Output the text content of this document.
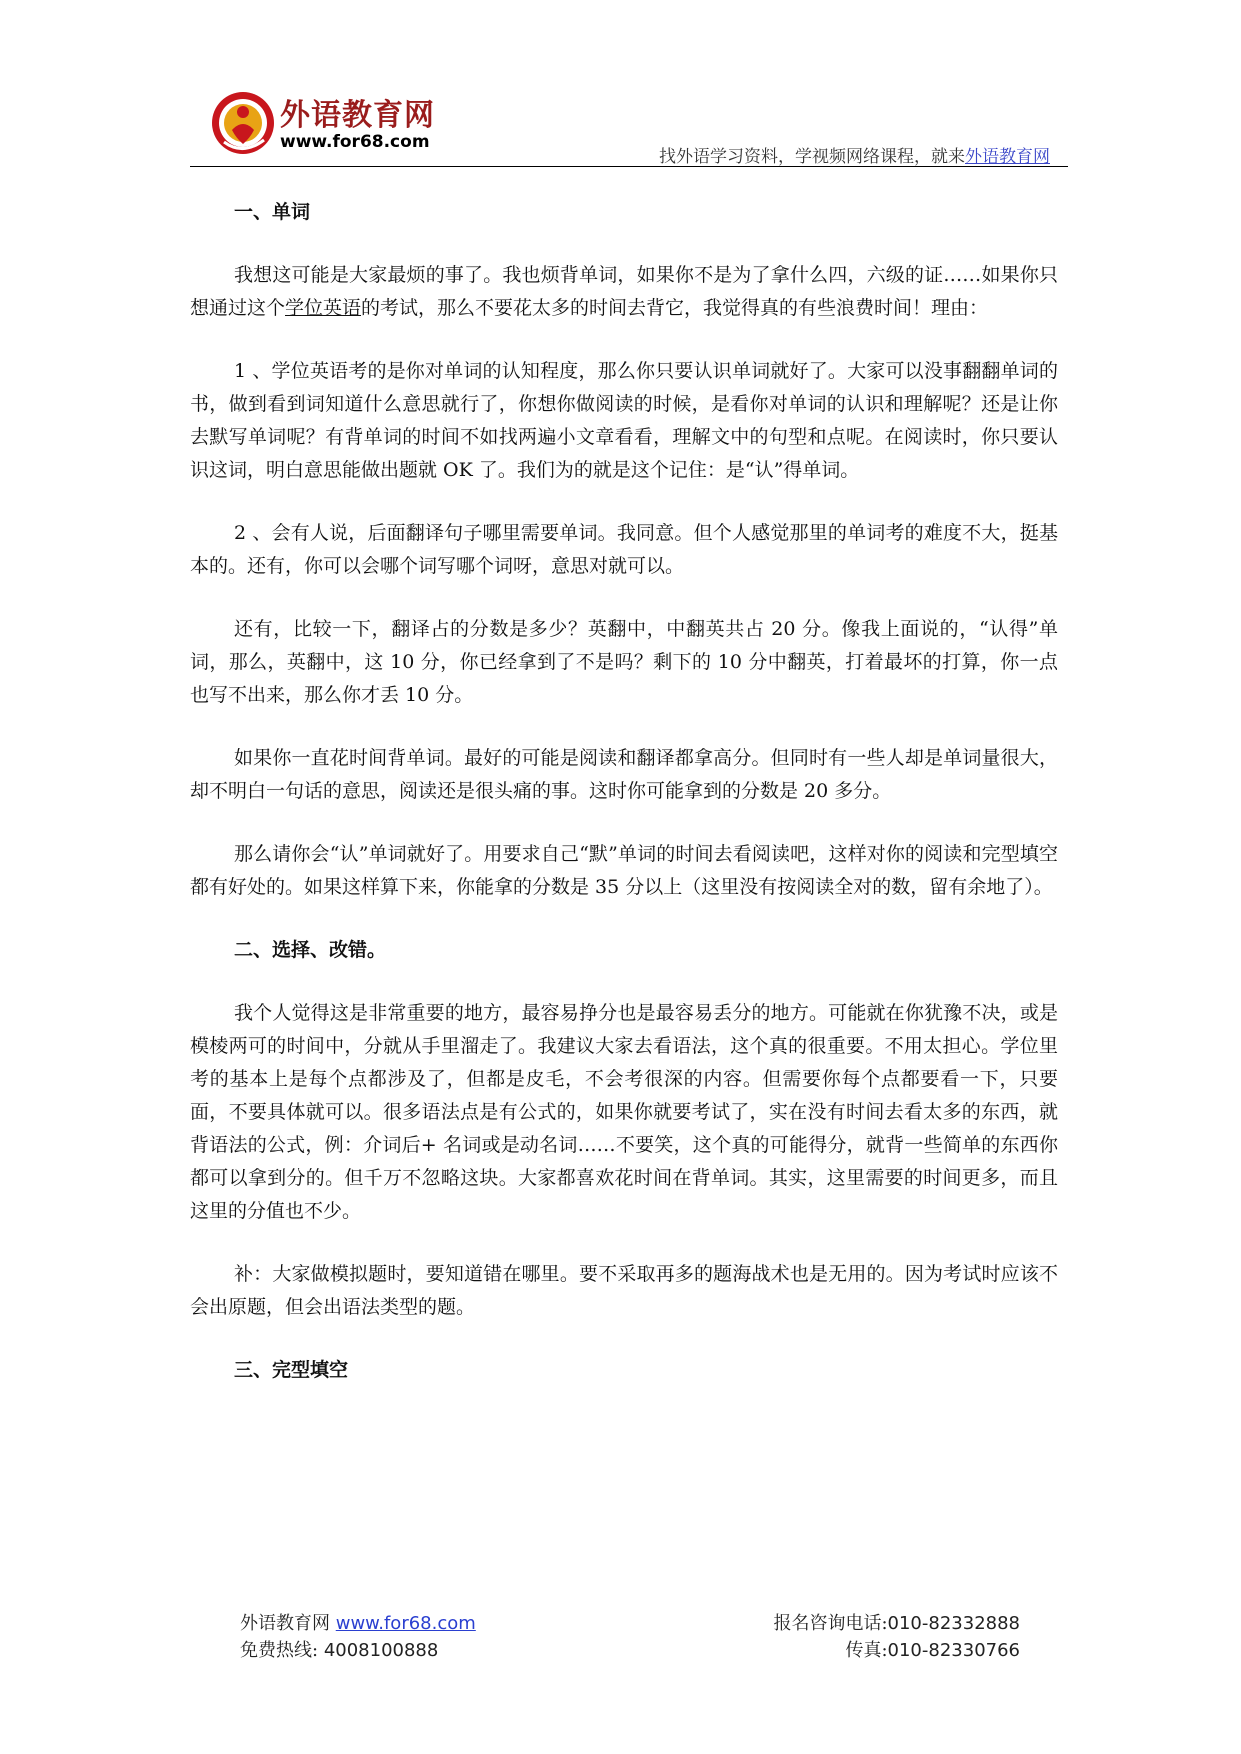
外语教育网
www.for68.com
找外语学习资料，学视频网络课程，就来外语教育网

一、单词

我想这可能是大家最烦的事了。我也烦背单词，如果你不是为了拿什么四，六级的证……如果你只想通过这个学位英语的考试，那么不要花太多的时间去背它，我觉得真的有些浪费时间！理由：

1 、学位英语考的是你对单词的认知程度，那么你只要认识单词就好了。大家可以没事翻翻单词的书，做到看到词知道什么意思就行了，你想你做阅读的时候，是看你对单词的认识和理解呢？还是让你去默写单词呢？有背单词的时间不如找两遍小文章看看，理解文中的句型和点呢。在阅读时，你只要认识这词，明白意思能做出题就 OK 了。我们为的就是这个记住：是“认”得单词。

2 、会有人说，后面翻译句子哪里需要单词。我同意。但个人感觉那里的单词考的难度不大，挺基本的。还有，你可以会哪个词写哪个词呀，意思对就可以。

还有，比较一下，翻译占的分数是多少？英翻中，中翻英共占 20 分。像我上面说的，“认得”单词，那么，英翻中，这 10 分，你已经拿到了不是吗？剩下的 10 分中翻英，打着最坏的打算，你一点也写不出来，那么你才丢 10 分。

如果你一直花时间背单词。最好的可能是阅读和翻译都拿高分。但同时有一些人却是单词量很大，却不明白一句话的意思，阅读还是很头痛的事。这时你可能拿到的分数是 20 多分。

那么请你会“认”单词就好了。用要求自己“默”单词的时间去看阅读吧，这样对你的阅读和完型填空都有好处的。如果这样算下来，你能拿的分数是 35 分以上（这里没有按阅读全对的数，留有余地了）。

二、选择、改错。

我个人觉得这是非常重要的地方，最容易挣分也是最容易丢分的地方。可能就在你犹豫不决，或是模棱两可的时间中，分就从手里溜走了。我建议大家去看语法，这个真的很重要。不用太担心。学位里考的基本上是每个点都涉及了，但都是皮毛，不会考很深的内容。但需要你每个点都要看一下，只要面，不要具体就可以。很多语法点是有公式的，如果你就要考试了，实在没有时间去看太多的东西，就背语法的公式，例：介词后+ 名词或是动名词……不要笑，这个真的可能得分，就背一些简单的东西你都可以拿到分的。但千万不忽略这块。大家都喜欢花时间在背单词。其实，这里需要的时间更多，而且这里的分值也不少。

补：大家做模拟题时，要知道错在哪里。要不采取再多的题海战术也是无用的。因为考试时应该不会出原题，但会出语法类型的题。

三、完型填空

外语教育网 www.for68.com	报名咨询电话:010-82332888
免费热线: 4008100888	传真:010-82330766
